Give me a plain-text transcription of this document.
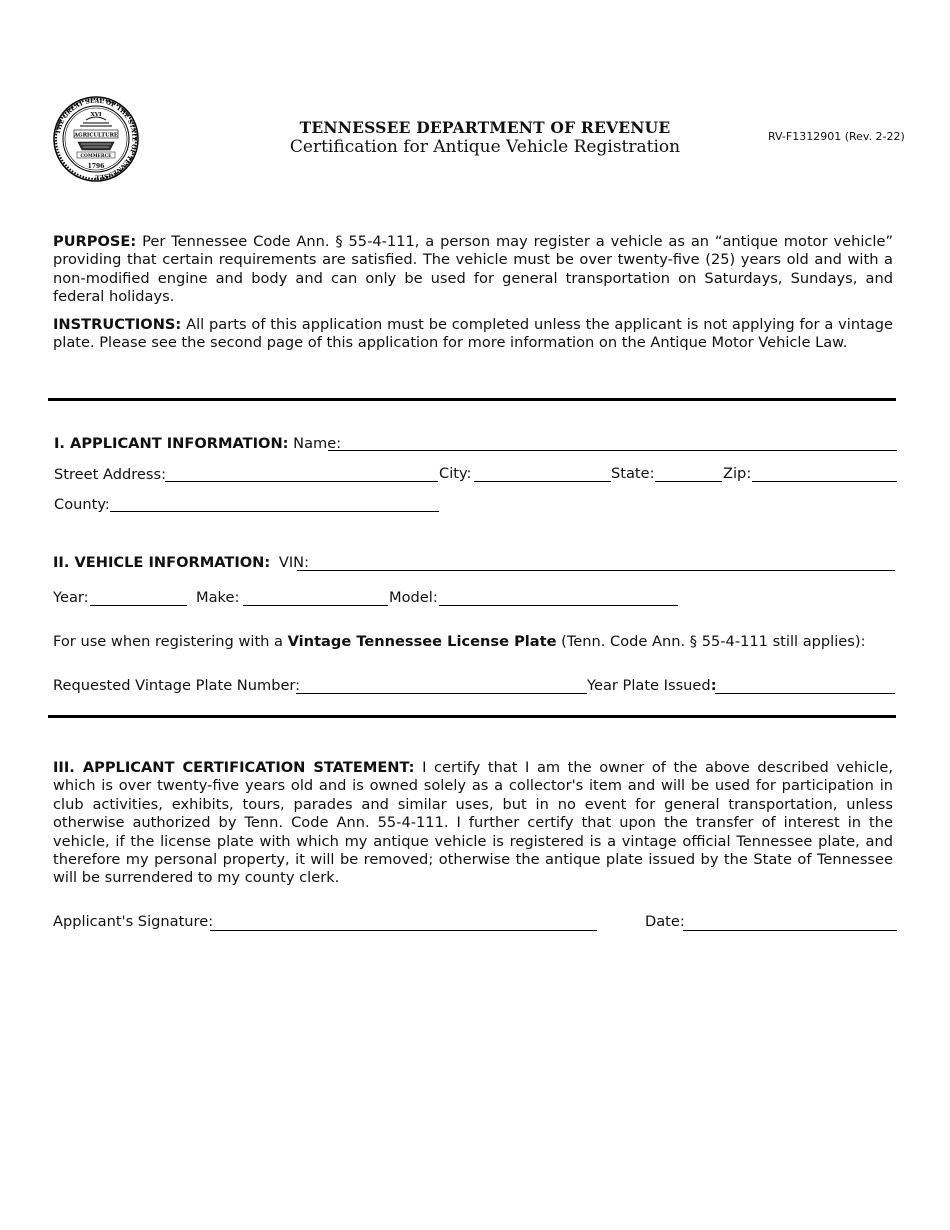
THE GREAT SEAL OF THE STATE OF TENNESSEE
XVI
AGRICULTURE
COMMERCE
1796
TENNESSEE DEPARTMENT OF REVENUE
Certification for Antique Vehicle Registration
RV-F1312901 (Rev. 2-22)
PURPOSE: Per Tennessee Code Ann. § 55-4-111, a person may register a vehicle as an “antique motor vehicle” providing that certain requirements are satisfied. The vehicle must be over twenty-five (25) years old and with a non-modified engine and body and can only be used for general transportation on Saturdays, Sundays, and federal holidays.
INSTRUCTIONS: All parts of this application must be completed unless the applicant is not applying for a vintage plate. Please see the second page of this application for more information on the Antique Motor Vehicle Law.
I. APPLICANT INFORMATION: Name:
Street Address:	City:	State:	Zip:
County:
II. VEHICLE INFORMATION: VIN:
Year:	Make:	Model:
For use when registering with a Vintage Tennessee License Plate (Tenn. Code Ann. § 55-4-111 still applies):
Requested Vintage Plate Number:	Year Plate Issued:
III. APPLICANT CERTIFICATION STATEMENT: I certify that I am the owner of the above described vehicle, which is over twenty-five years old and is owned solely as a collector's item and will be used for participation in club activities, exhibits, tours, parades and similar uses, but in no event for general transportation, unless otherwise authorized by Tenn. Code Ann. 55-4-111. I further certify that upon the transfer of interest in the vehicle, if the license plate with which my antique vehicle is registered is a vintage official Tennessee plate, and therefore my personal property, it will be removed; otherwise the antique plate issued by the State of Tennessee will be surrendered to my county clerk.
Applicant's Signature:	Date:
